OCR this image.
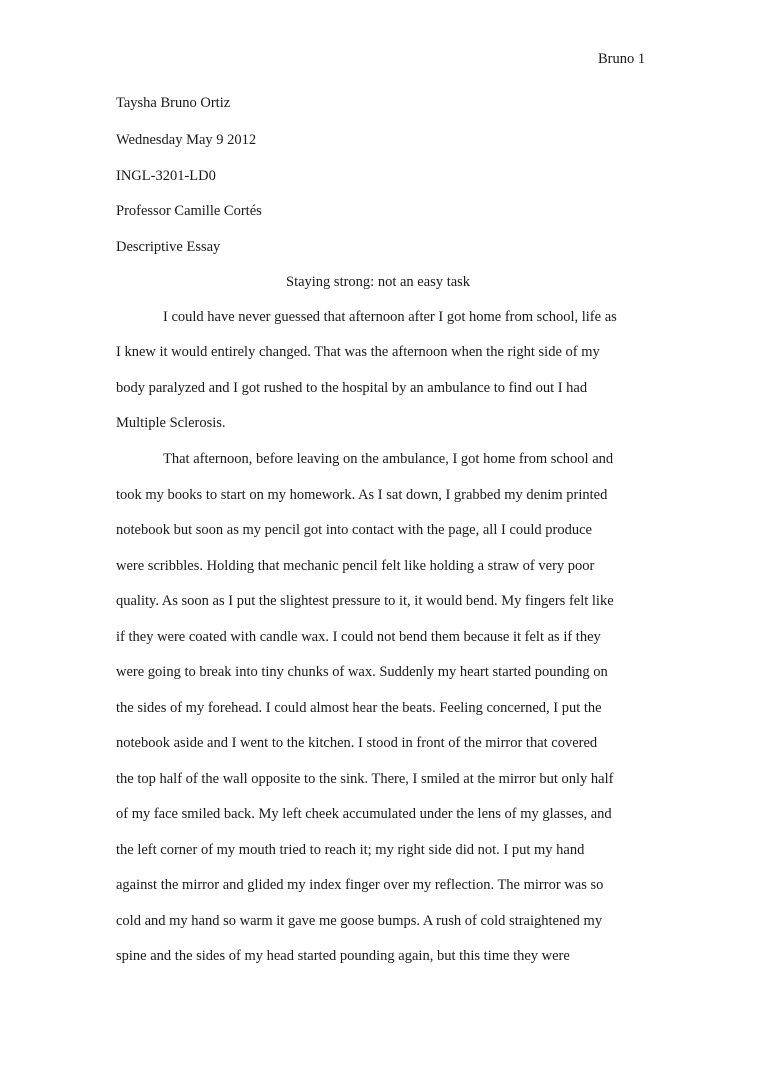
Bruno 1
Taysha Bruno Ortiz
Wednesday May 9 2012
INGL-3201-LD0
Professor Camille Cortés
Descriptive Essay
Staying strong: not an easy task
I could have never guessed that afternoon after I got home from school, life as
I knew it would entirely changed. That was the afternoon when the right side of my
body paralyzed and I got rushed to the hospital by an ambulance to find out I had
Multiple Sclerosis.
That afternoon, before leaving on the ambulance, I got home from school and
took my books to start on my homework. As I sat down, I grabbed my denim printed
notebook but soon as my pencil got into contact with the page, all I could produce
were scribbles. Holding that mechanic pencil felt like holding a straw of very poor
quality. As soon as I put the slightest pressure to it, it would bend. My fingers felt like
if they were coated with candle wax. I could not bend them because it felt as if they
were going to break into tiny chunks of wax. Suddenly my heart started pounding on
the sides of my forehead. I could almost hear the beats. Feeling concerned, I put the
notebook aside and I went to the kitchen. I stood in front of the mirror that covered
the top half of the wall opposite to the sink. There, I smiled at the mirror but only half
of my face smiled back. My left cheek accumulated under the lens of my glasses, and
the left corner of my mouth tried to reach it; my right side did not. I put my hand
against the mirror and glided my index finger over my reflection. The mirror was so
cold and my hand so warm it gave me goose bumps. A rush of cold straightened my
spine and the sides of my head started pounding again, but this time they were
